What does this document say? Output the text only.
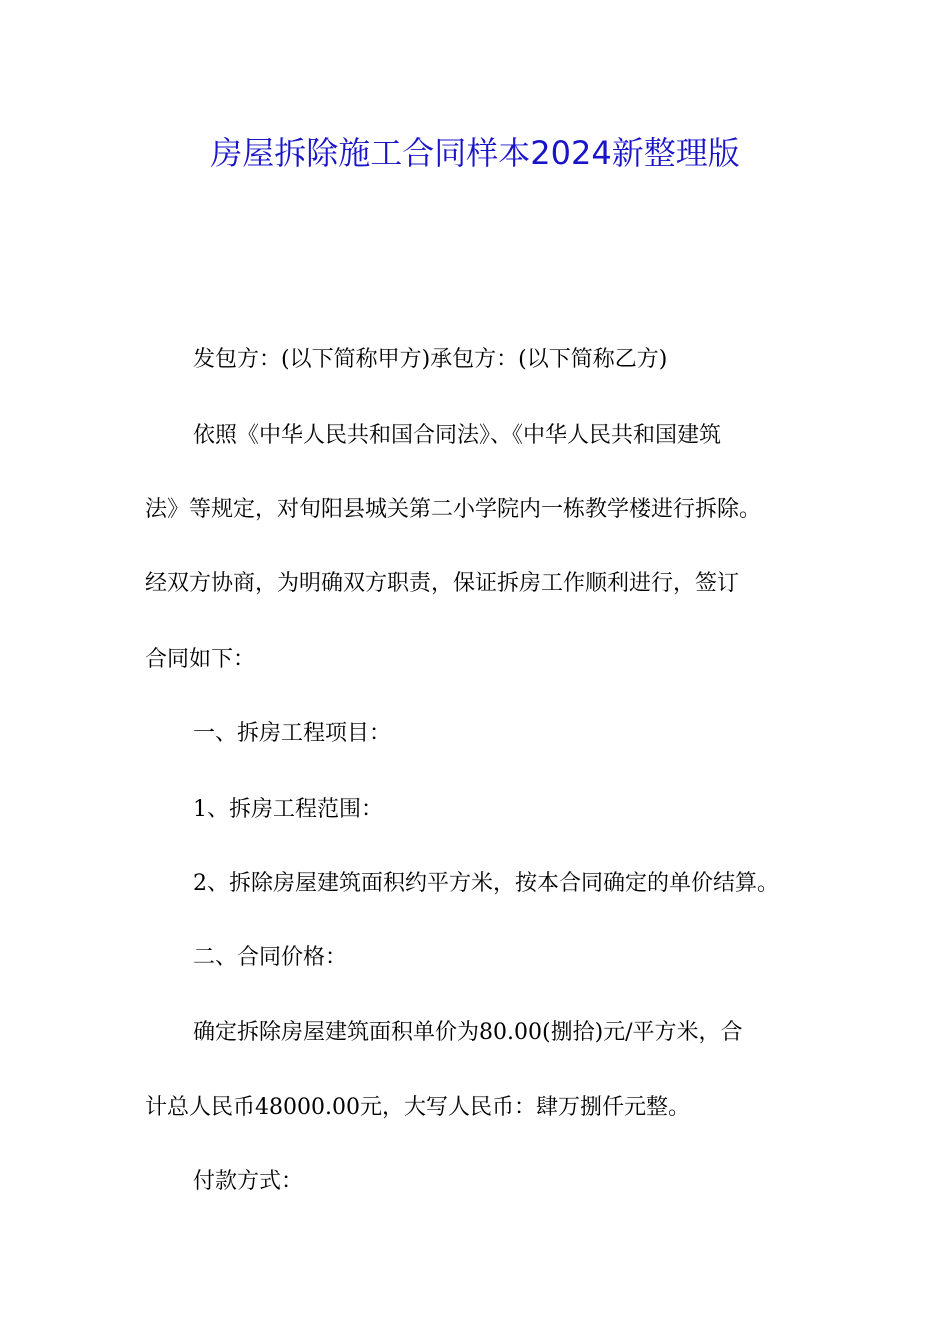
房屋拆除施工合同样本2024新整理版
发包方：(以下简称甲方)承包方：(以下简称乙方)
依照《中华人民共和国合同法》、《中华人民共和国建筑
法》等规定，对旬阳县城关第二小学院内一栋教学楼进行拆除。
经双方协商，为明确双方职责，保证拆房工作顺利进行，签订
合同如下：
一、拆房工程项目：
1、拆房工程范围：
2、拆除房屋建筑面积约平方米，按本合同确定的单价结算。
二、合同价格：
确定拆除房屋建筑面积单价为80.00(捌拾)元/平方米，合
计总人民币48000.00元，大写人民币：肆万捌仟元整。
付款方式：
